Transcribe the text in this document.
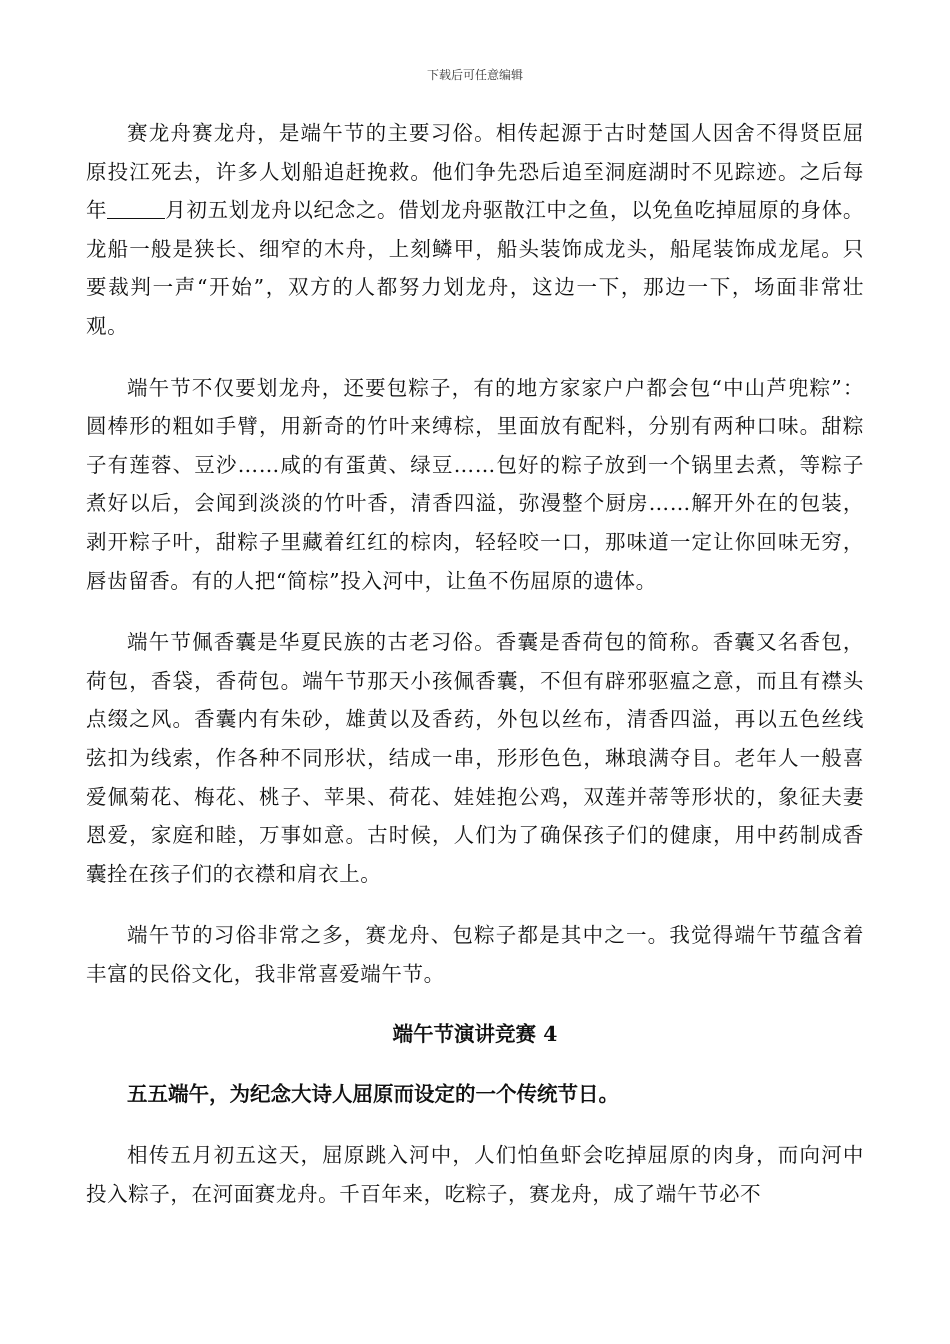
下载后可任意编辑

赛龙舟赛龙舟，是端午节的主要习俗。相传起源于古时楚国人因舍不得贤臣屈原投江死去，许多人划船追赶挽救。他们争先恐后追至洞庭湖时不见踪迹。之后每年	月初五划龙舟以纪念之。借划龙舟驱散江中之鱼，以免鱼吃掉屈原的身体。龙船一般是狭长、细窄的木舟，上刻鳞甲，船头装饰成龙头，船尾装饰成龙尾。只要裁判一声“开始”，双方的人都努力划龙舟，这边一下，那边一下，场面非常壮观。

端午节不仅要划龙舟，还要包粽子，有的地方家家户户都会包“中山芦兜粽”：圆棒形的粗如手臂，用新奇的竹叶来缚棕，里面放有配料，分别有两种口味。甜粽子有莲蓉、豆沙……咸的有蛋黄、绿豆……包好的粽子放到一个锅里去煮，等粽子煮好以后，会闻到淡淡的竹叶香，清香四溢，弥漫整个厨房……解开外在的包装，剥开粽子叶，甜粽子里藏着红红的棕肉，轻轻咬一口，那味道一定让你回味无穷，唇齿留香。有的人把“简棕”投入河中，让鱼不伤屈原的遗体。

端午节佩香囊是华夏民族的古老习俗。香囊是香荷包的简称。香囊又名香包，荷包，香袋，香荷包。端午节那天小孩佩香囊，不但有辟邪驱瘟之意，而且有襟头点缀之风。香囊内有朱砂，雄黄以及香药，外包以丝布，清香四溢，再以五色丝线弦扣为线索，作各种不同形状，结成一串，形形色色，琳琅满夺目。老年人一般喜爱佩菊花、梅花、桃子、苹果、荷花、娃娃抱公鸡，双莲并蒂等形状的，象征夫妻恩爱，家庭和睦，万事如意。古时候，人们为了确保孩子们的健康，用中药制成香囊拴在孩子们的衣襟和肩衣上。

端午节的习俗非常之多，赛龙舟、包粽子都是其中之一。我觉得端午节蕴含着丰富的民俗文化，我非常喜爱端午节。

端午节演讲竞赛 4

五五端午，为纪念大诗人屈原而设定的一个传统节日。

相传五月初五这天，屈原跳入河中，人们怕鱼虾会吃掉屈原的肉身，而向河中投入粽子，在河面赛龙舟。千百年来，吃粽子，赛龙舟，成了端午节必不
